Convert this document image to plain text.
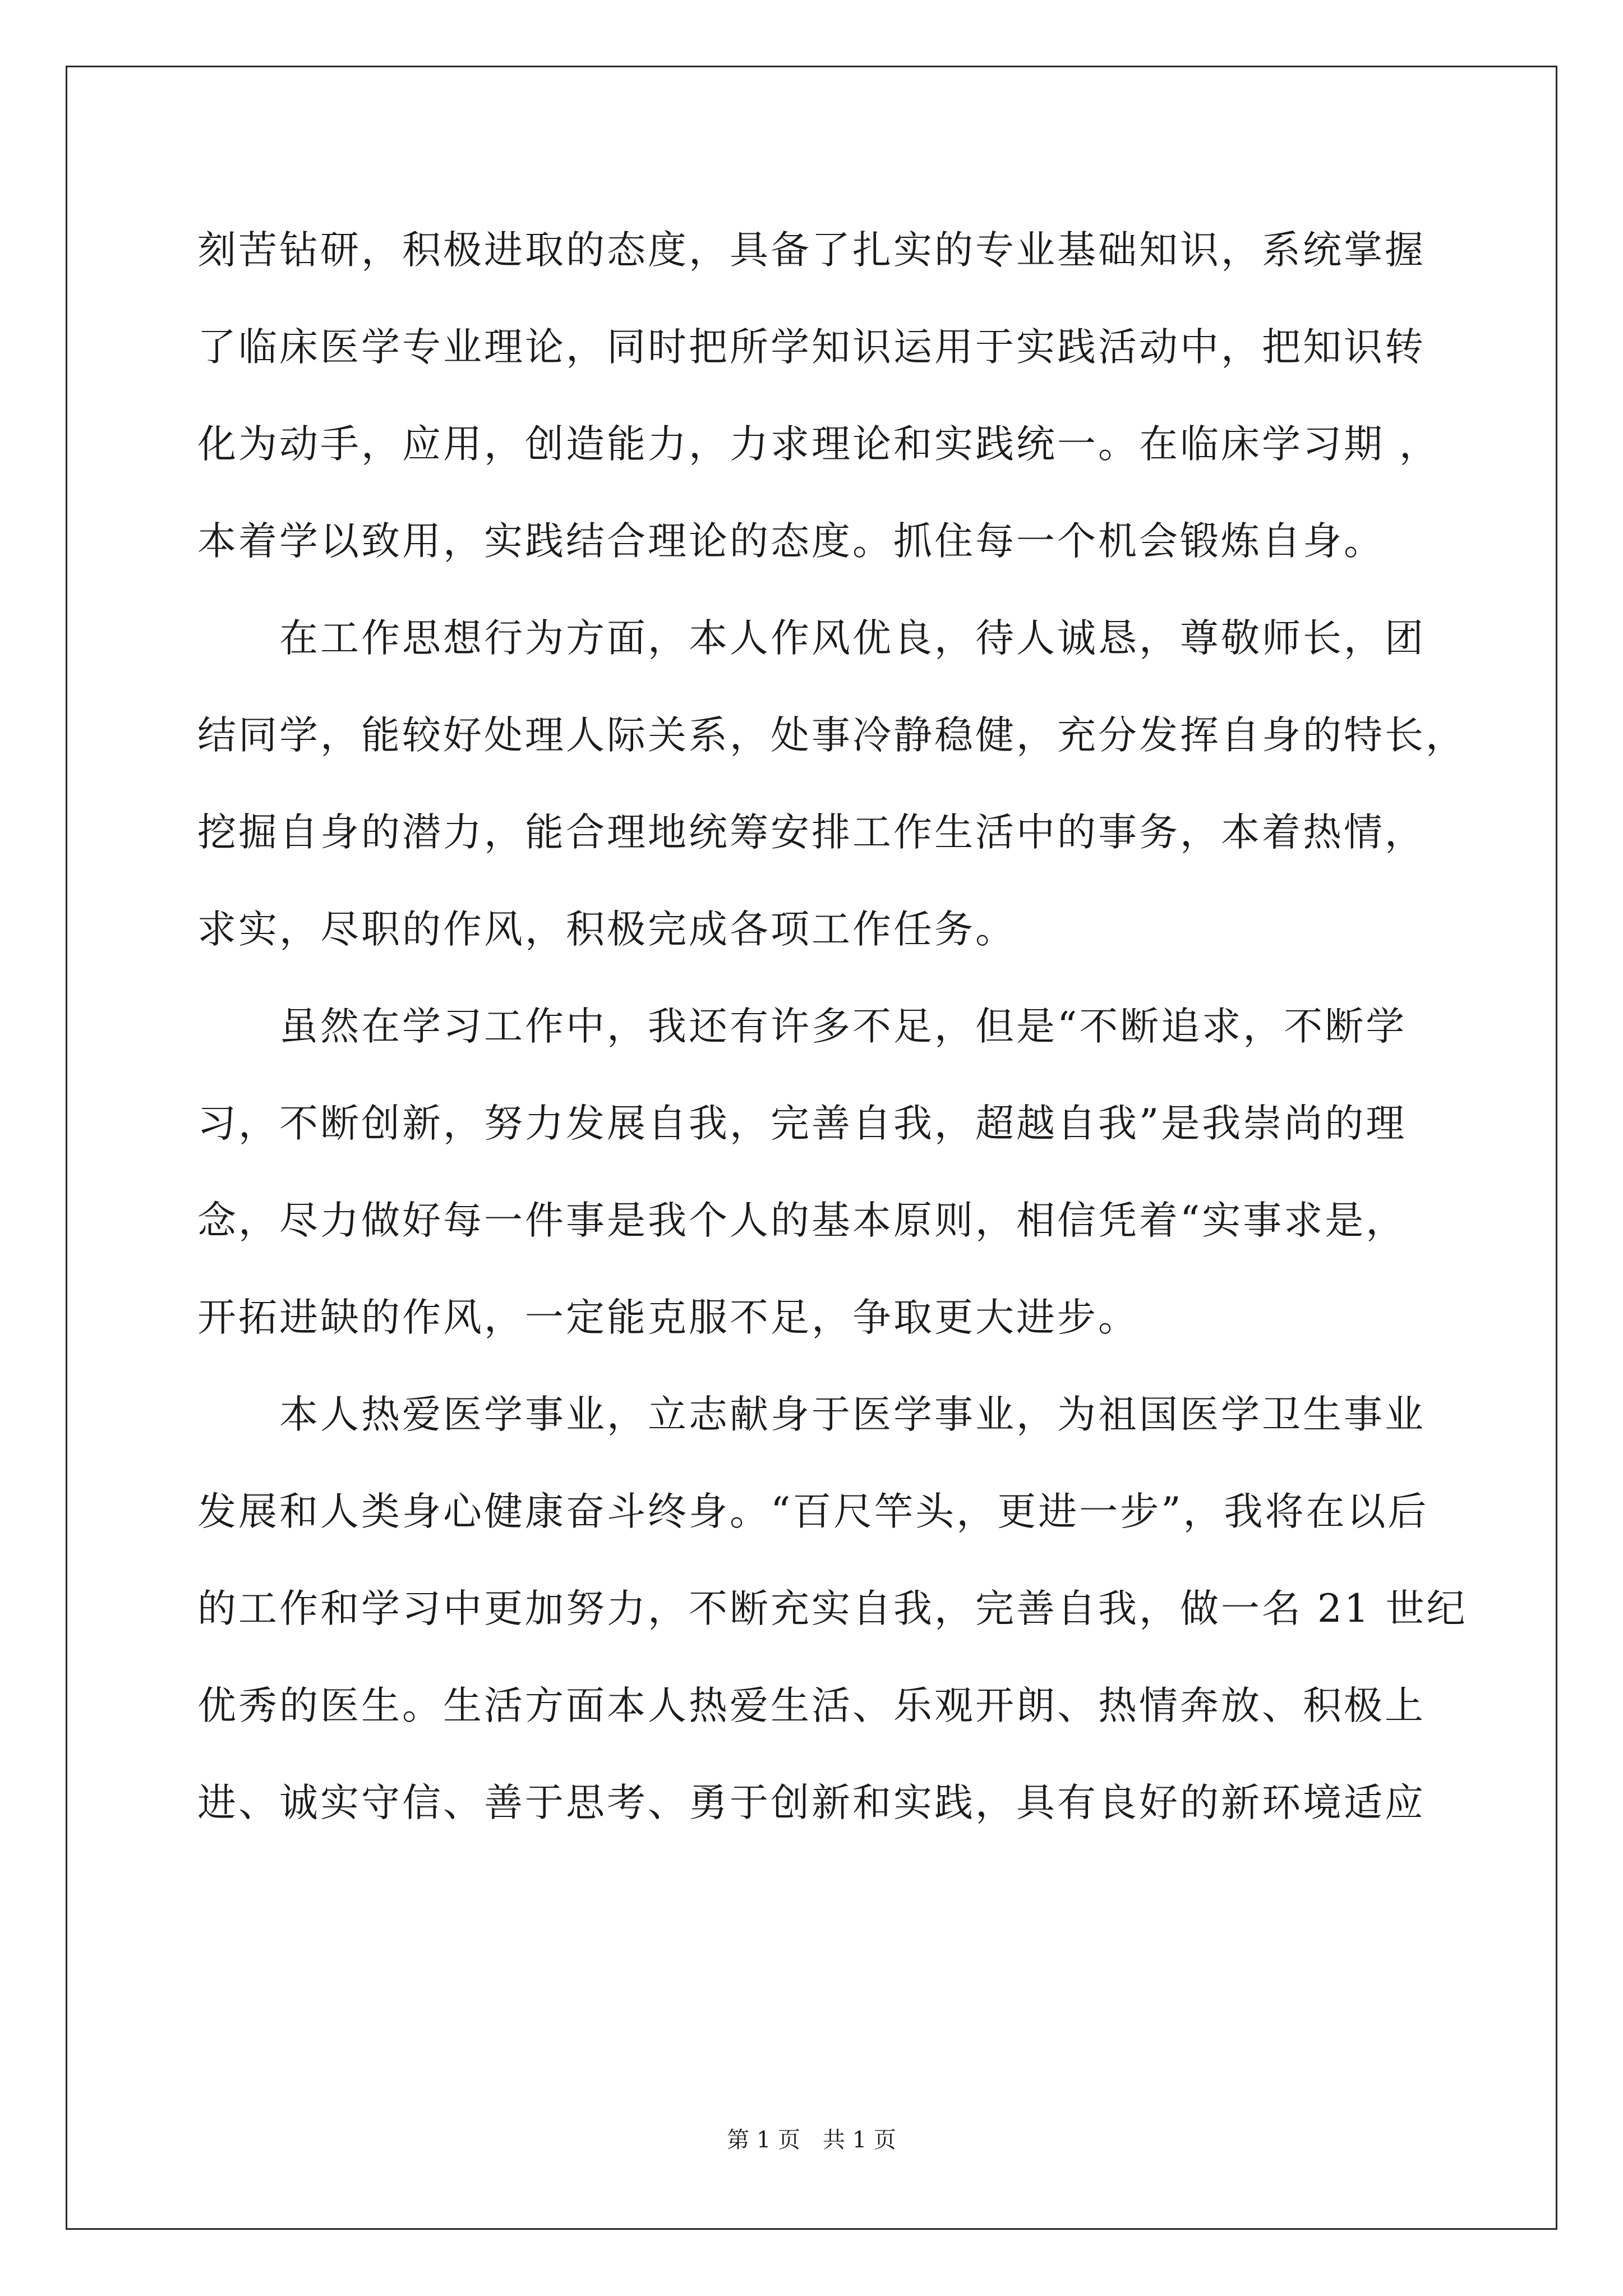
刻苦钻研，积极进取的态度，具备了扎实的专业基础知识，系统掌握
了临床医学专业理论，同时把所学知识运用于实践活动中，把知识转
化为动手，应用，创造能力，力求理论和实践统一。在临床学习期 ，
本着学以致用，实践结合理论的态度。抓住每一个机会锻炼自身。
　　在工作思想行为方面，本人作风优良，待人诚恳，尊敬师长，团
结同学，能较好处理人际关系，处事冷静稳健，充分发挥自身的特长，
挖掘自身的潜力，能合理地统筹安排工作生活中的事务，本着热情，
求实，尽职的作风，积极完成各项工作任务。
　　虽然在学习工作中，我还有许多不足，但是“不断追求，不断学
习，不断创新，努力发展自我，完善自我，超越自我”是我崇尚的理
念，尽力做好每一件事是我个人的基本原则，相信凭着“实事求是，
开拓进缺的作风，一定能克服不足，争取更大进步。
　　本人热爱医学事业，立志献身于医学事业，为祖国医学卫生事业
发展和人类身心健康奋斗终身。“百尺竿头，更进一步”，我将在以后
的工作和学习中更加努力，不断充实自我，完善自我，做一名 21 世纪
优秀的医生。生活方面本人热爱生活、乐观开朗、热情奔放、积极上
进、诚实守信、善于思考、勇于创新和实践，具有良好的新环境适应
第 1 页　共 1 页
